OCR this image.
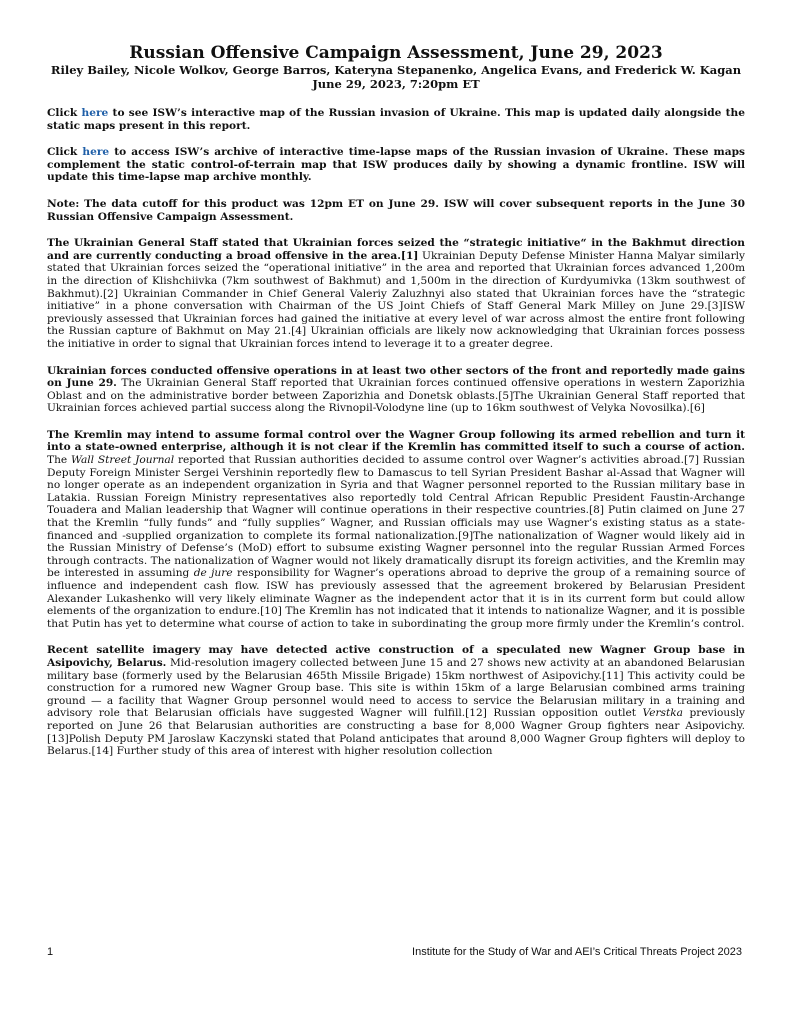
Russian Offensive Campaign Assessment, June 29, 2023
Riley Bailey, Nicole Wolkov, George Barros, Kateryna Stepanenko, Angelica Evans, and Frederick W. Kagan
June 29, 2023, 7:20pm ET

Click here to see ISW’s interactive map of the Russian invasion of Ukraine. This map is updated daily alongside the static maps present in this report.

Click here to access ISW’s archive of interactive time-lapse maps of the Russian invasion of Ukraine. These maps complement the static control-of-terrain map that ISW produces daily by showing a dynamic frontline. ISW will update this time-lapse map archive monthly.

Note: The data cutoff for this product was 12pm ET on June 29. ISW will cover subsequent reports in the June 30 Russian Offensive Campaign Assessment.

The Ukrainian General Staff stated that Ukrainian forces seized the “strategic initiative“ in the Bakhmut direction and are currently conducting a broad offensive in the area.[1] Ukrainian Deputy Defense Minister Hanna Malyar similarly stated that Ukrainian forces seized the “operational initiative” in the area and reported that Ukrainian forces advanced 1,200m in the direction of Klishchiivka (7km southwest of Bakhmut) and 1,500m in the direction of Kurdyumivka (13km southwest of Bakhmut).[2] Ukrainian Commander in Chief General Valeriy Zaluzhnyi also stated that Ukrainian forces have the “strategic initiative” in a phone conversation with Chairman of the US Joint Chiefs of Staff General Mark Milley on June 29.[3]ISW previously assessed that Ukrainian forces had gained the initiative at every level of war across almost the entire front following the Russian capture of Bakhmut on May 21.[4] Ukrainian officials are likely now acknowledging that Ukrainian forces possess the initiative in order to signal that Ukrainian forces intend to leverage it to a greater degree.

Ukrainian forces conducted offensive operations in at least two other sectors of the front and reportedly made gains on June 29. The Ukrainian General Staff reported that Ukrainian forces continued offensive operations in western Zaporizhia Oblast and on the administrative border between Zaporizhia and Donetsk oblasts.[5]The Ukrainian General Staff reported that Ukrainian forces achieved partial success along the Rivnopil-Volodyne line (up to 16km southwest of Velyka Novosilka).[6]

The Kremlin may intend to assume formal control over the Wagner Group following its armed rebellion and turn it into a state-owned enterprise, although it is not clear if the Kremlin has committed itself to such a course of action. The Wall Street Journal reported that Russian authorities decided to assume control over Wagner’s activities abroad.[7] Russian Deputy Foreign Minister Sergei Vershinin reportedly flew to Damascus to tell Syrian President Bashar al-Assad that Wagner will no longer operate as an independent organization in Syria and that Wagner personnel reported to the Russian military base in Latakia. Russian Foreign Ministry representatives also reportedly told Central African Republic President Faustin-Archange Touadera and Malian leadership that Wagner will continue operations in their respective countries.[8] Putin claimed on June 27 that the Kremlin “fully funds” and “fully supplies” Wagner, and Russian officials may use Wagner’s existing status as a state-financed and -supplied organization to complete its formal nationalization.[9]The nationalization of Wagner would likely aid in the Russian Ministry of Defense’s (MoD) effort to subsume existing Wagner personnel into the regular Russian Armed Forces through contracts. The nationalization of Wagner would not likely dramatically disrupt its foreign activities, and the Kremlin may be interested in assuming de jure responsibility for Wagner’s operations abroad to deprive the group of a remaining source of influence and independent cash flow. ISW has previously assessed that the agreement brokered by Belarusian President Alexander Lukashenko will very likely eliminate Wagner as the independent actor that it is in its current form but could allow elements of the organization to endure.[10] The Kremlin has not indicated that it intends to nationalize Wagner, and it is possible that Putin has yet to determine what course of action to take in subordinating the group more firmly under the Kremlin’s control.

Recent satellite imagery may have detected active construction of a speculated new Wagner Group base in Asipovichy, Belarus. Mid-resolution imagery collected between June 15 and 27 shows new activity at an abandoned Belarusian military base (formerly used by the Belarusian 465th Missile Brigade) 15km northwest of Asipovichy.[11] This activity could be construction for a rumored new Wagner Group base. This site is within 15km of a large Belarusian combined arms training ground — a facility that Wagner Group personnel would need to access to service the Belarusian military in a training and advisory role that Belarusian officials have suggested Wagner will fulfill.[12] Russian opposition outlet Verstka previously reported on June 26 that Belarusian authorities are constructing a base for 8,000 Wagner Group fighters near Asipovichy.[13]Polish Deputy PM Jaroslaw Kaczynski stated that Poland anticipates that around 8,000 Wagner Group fighters will deploy to Belarus.[14] Further study of this area of interest with higher resolution collection

1	Institute for the Study of War and AEI’s Critical Threats Project 2023
